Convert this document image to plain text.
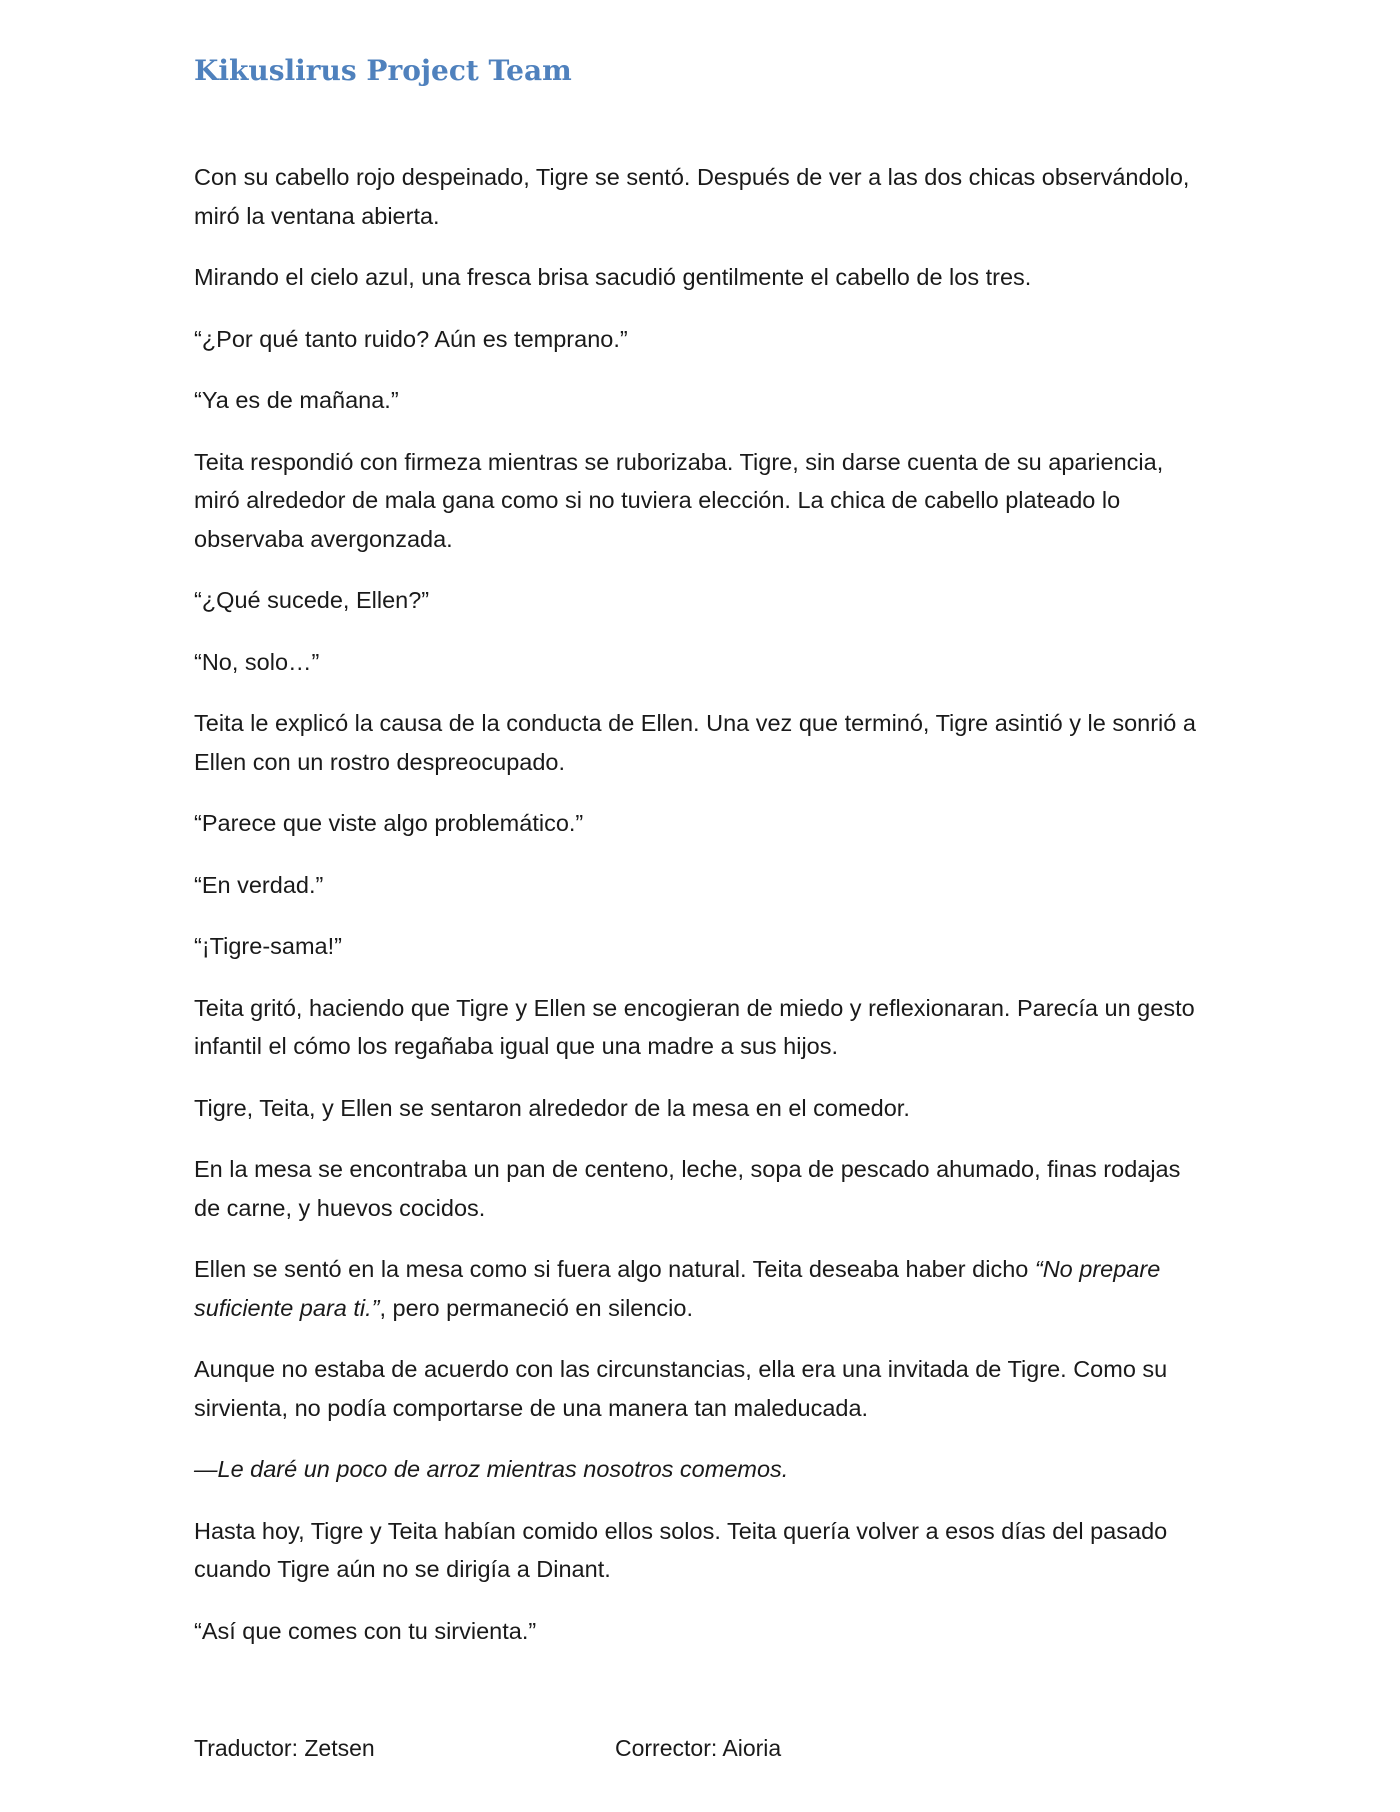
Kikuslirus Project Team

Con su cabello rojo despeinado, Tigre se sentó. Después de ver a las dos chicas observándolo, miró la ventana abierta.

Mirando el cielo azul, una fresca brisa sacudió gentilmente el cabello de los tres.

“¿Por qué tanto ruido? Aún es temprano.”

“Ya es de mañana.”

Teita respondió con firmeza mientras se ruborizaba. Tigre, sin darse cuenta de su apariencia, miró alrededor de mala gana como si no tuviera elección. La chica de cabello plateado lo observaba avergonzada.

“¿Qué sucede, Ellen?”

“No, solo…”

Teita le explicó la causa de la conducta de Ellen. Una vez que terminó, Tigre asintió y le sonrió a Ellen con un rostro despreocupado.

“Parece que viste algo problemático.”

“En verdad.”

“¡Tigre-sama!”

Teita gritó, haciendo que Tigre y Ellen se encogieran de miedo y reflexionaran. Parecía un gesto infantil el cómo los regañaba igual que una madre a sus hijos.

Tigre, Teita, y Ellen se sentaron alrededor de la mesa en el comedor.

En la mesa se encontraba un pan de centeno, leche, sopa de pescado ahumado, finas rodajas de carne, y huevos cocidos.

Ellen se sentó en la mesa como si fuera algo natural. Teita deseaba haber dicho “No prepare suficiente para ti.”, pero permaneció en silencio.

Aunque no estaba de acuerdo con las circunstancias, ella era una invitada de Tigre. Como su sirvienta, no podía comportarse de una manera tan maleducada.

—Le daré un poco de arroz mientras nosotros comemos.

Hasta hoy, Tigre y Teita habían comido ellos solos. Teita quería volver a esos días del pasado cuando Tigre aún no se dirigía a Dinant.

“Así que comes con tu sirvienta.”

Traductor: Zetsen	Corrector: Aioria
